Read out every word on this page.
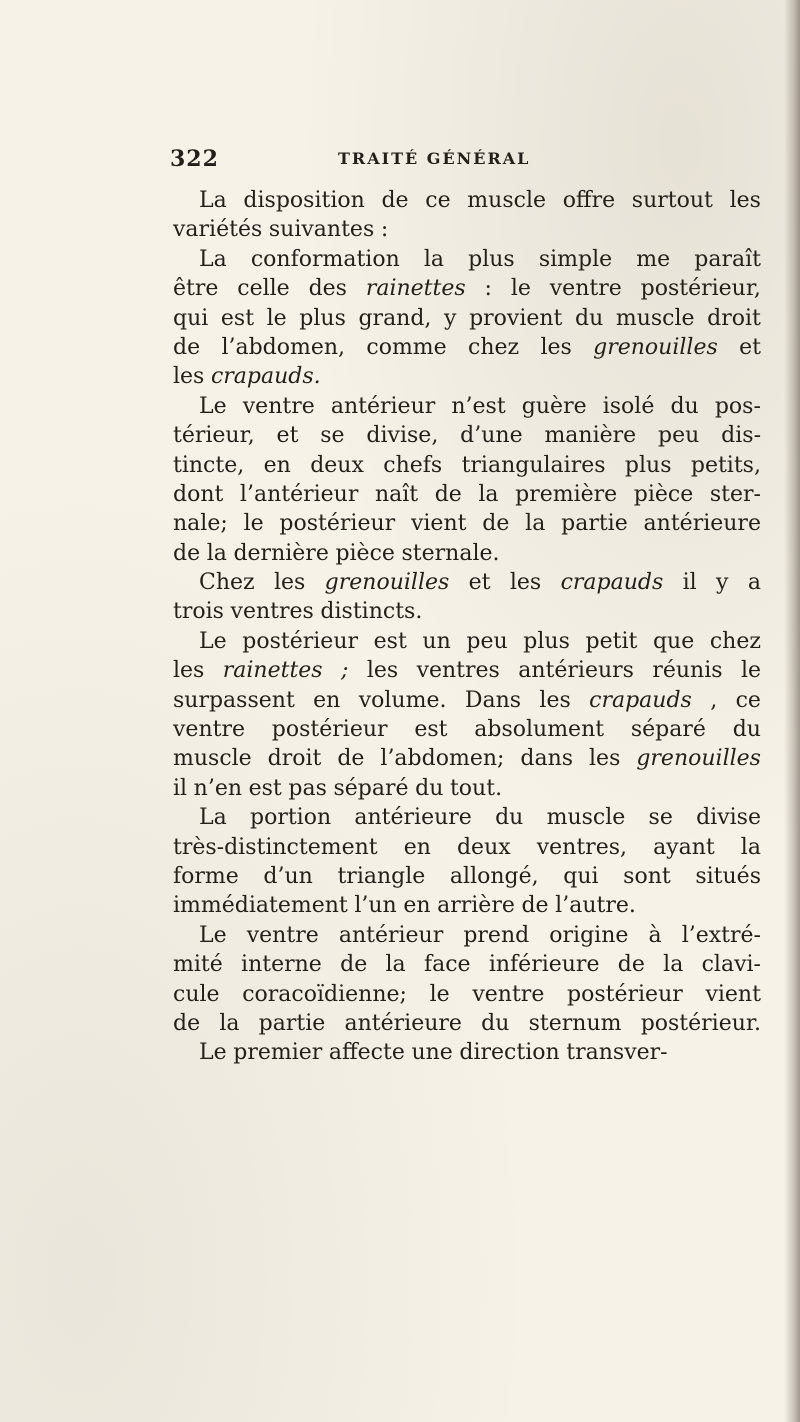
322	TRAITÉ GÉNÉRAL
La disposition de ce muscle offre surtout les
variétés suivantes :
La conformation la plus simple me paraît
être celle des rainettes : le ventre postérieur,
qui est le plus grand, y provient du muscle droit
de l’abdomen, comme chez les grenouilles et
les crapauds.
Le ventre antérieur n’est guère isolé du pos-
térieur, et se divise, d’une manière peu dis-
tincte, en deux chefs triangulaires plus petits,
dont l’antérieur naît de la première pièce ster-
nale; le postérieur vient de la partie antérieure
de la dernière pièce sternale.
Chez les grenouilles et les crapauds il y a
trois ventres distincts.
Le postérieur est un peu plus petit que chez
les rainettes ; les ventres antérieurs réunis le
surpassent en volume. Dans les crapauds , ce
ventre postérieur est absolument séparé du
muscle droit de l’abdomen; dans les grenouilles
il n’en est pas séparé du tout.
La portion antérieure du muscle se divise
très-distinctement en deux ventres, ayant la
forme d’un triangle allongé, qui sont situés
immédiatement l’un en arrière de l’autre.
Le ventre antérieur prend origine à l’extré-
mité interne de la face inférieure de la clavi-
cule coracoïdienne; le ventre postérieur vient
de la partie antérieure du sternum postérieur.
Le premier affecte une direction transver-
